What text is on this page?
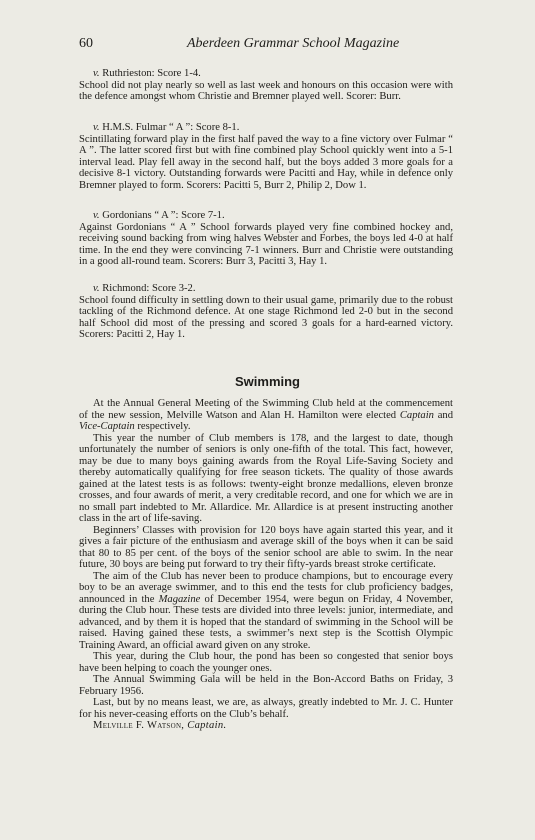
60	Aberdeen Grammar School Magazine

v. Ruthrieston: Score 1-4.

School did not play nearly so well as last week and honours on this occasion were with the defence amongst whom Christie and Bremner played well. Scorer: Burr.

v. H.M.S. Fulmar “ A ”: Score 8-1.

Scintillating forward play in the first half paved the way to a fine victory over Fulmar “ A ”. The latter scored first but with fine combined play School quickly went into a 5-1 interval lead. Play fell away in the second half, but the boys added 3 more goals for a decisive 8-1 victory. Outstanding forwards were Pacitti and Hay, while in defence only Bremner played to form. Scorers: Pacitti 5, Burr 2, Philip 2, Dow 1.

v. Gordonians “ A ”: Score 7-1.

Against Gordonians “ A ” School forwards played very fine combined hockey and, receiving sound backing from wing halves Webster and Forbes, the boys led 4-0 at half time. In the end they were convincing 7-1 winners. Burr and Christie were outstanding in a good all-round team. Scorers: Burr 3, Pacitti 3, Hay 1.

v. Richmond: Score 3-2.

School found difficulty in settling down to their usual game, primarily due to the robust tackling of the Richmond defence. At one stage Richmond led 2-0 but in the second half School did most of the pressing and scored 3 goals for a hard-earned victory. Scorers: Pacitti 2, Hay 1.

Swimming

At the Annual General Meeting of the Swimming Club held at the commencement of the new session, Melville Watson and Alan H. Hamilton were elected Captain and Vice-Captain respectively.

This year the number of Club members is 178, and the largest to date, though unfortunately the number of seniors is only one-fifth of the total. This fact, however, may be due to many boys gaining awards from the Royal Life-Saving Society and thereby automatically qualifying for free season tickets. The quality of those awards gained at the latest tests is as follows: twenty-eight bronze medallions, eleven bronze crosses, and four awards of merit, a very creditable record, and one for which we are in no small part indebted to Mr. Allardice. Mr. Allardice is at present instructing another class in the art of life-saving.

Beginners’ Classes with provision for 120 boys have again started this year, and it gives a fair picture of the enthusiasm and average skill of the boys when it can be said that 80 to 85 per cent. of the boys of the senior school are able to swim. In the near future, 30 boys are being put forward to try their fifty-yards breast stroke certificate.

The aim of the Club has never been to produce champions, but to encourage every boy to be an average swimmer, and to this end the tests for club proficiency badges, announced in the Magazine of December 1954, were begun on Friday, 4 November, during the Club hour. These tests are divided into three levels: junior, intermediate, and advanced, and by them it is hoped that the standard of swimming in the School will be raised. Having gained these tests, a swimmer’s next step is the Scottish Olympic Training Award, an official award given on any stroke.

This year, during the Club hour, the pond has been so congested that senior boys have been helping to coach the younger ones.

The Annual Swimming Gala will be held in the Bon-Accord Baths on Friday, 3 February 1956.

Last, but by no means least, we are, as always, greatly indebted to Mr. J. C. Hunter for his never-ceasing efforts on the Club’s behalf.

Melville F. Watson, Captain.
